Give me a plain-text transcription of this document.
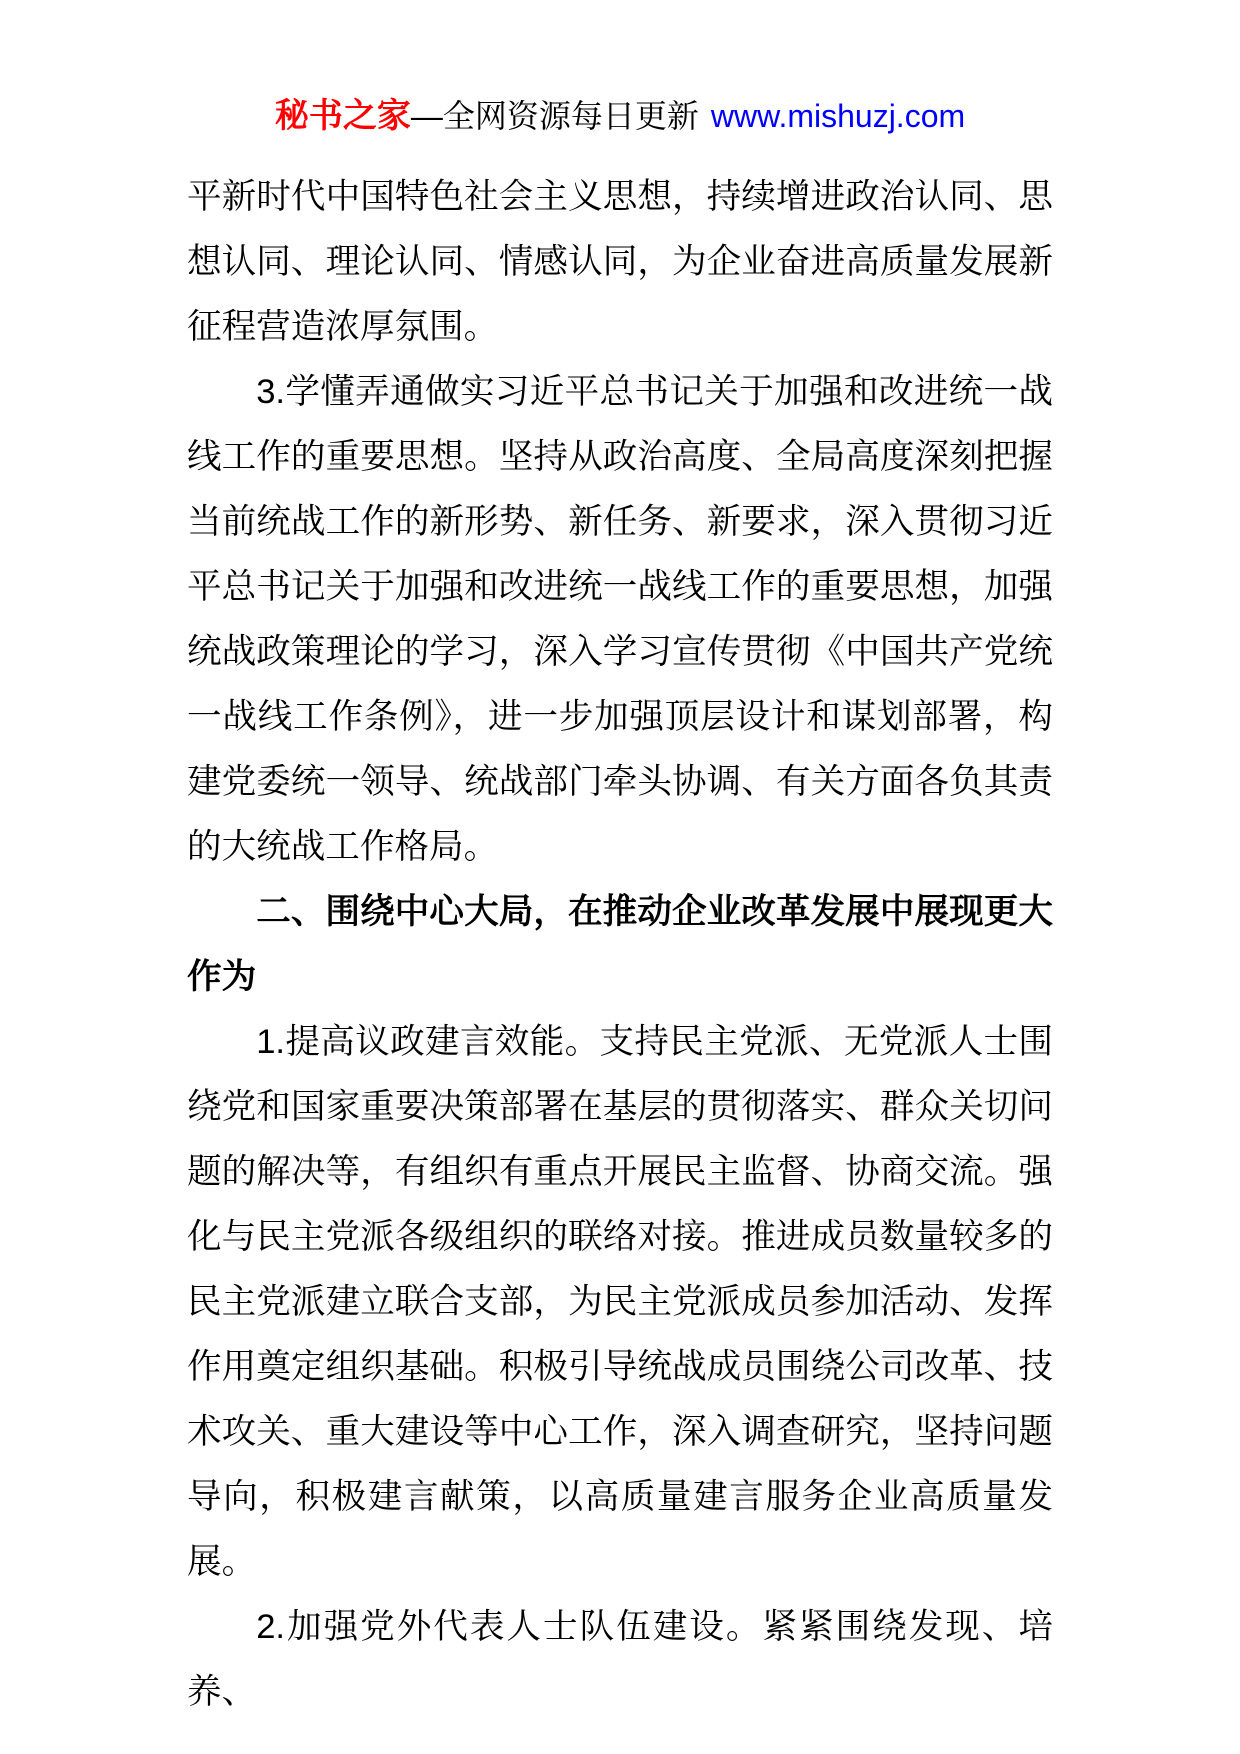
秘书之家—全网资源每日更新 www.mishuzj.com

平新时代中国特色社会主义思想，持续增进政治认同、思想认同、理论认同、情感认同，为企业奋进高质量发展新征程营造浓厚氛围。

3.学懂弄通做实习近平总书记关于加强和改进统一战线工作的重要思想。坚持从政治高度、全局高度深刻把握当前统战工作的新形势、新任务、新要求，深入贯彻习近平总书记关于加强和改进统一战线工作的重要思想，加强统战政策理论的学习，深入学习宣传贯彻《中国共产党统一战线工作条例》，进一步加强顶层设计和谋划部署，构建党委统一领导、统战部门牵头协调、有关方面各负其责的大统战工作格局。

二、围绕中心大局，在推动企业改革发展中展现更大作为

1.提高议政建言效能。支持民主党派、无党派人士围绕党和国家重要决策部署在基层的贯彻落实、群众关切问题的解决等，有组织有重点开展民主监督、协商交流。强化与民主党派各级组织的联络对接。推进成员数量较多的民主党派建立联合支部，为民主党派成员参加活动、发挥作用奠定组织基础。积极引导统战成员围绕公司改革、技术攻关、重大建设等中心工作，深入调查研究，坚持问题导向，积极建言献策，以高质量建言服务企业高质量发展。

2.加强党外代表人士队伍建设。紧紧围绕发现、培养、
